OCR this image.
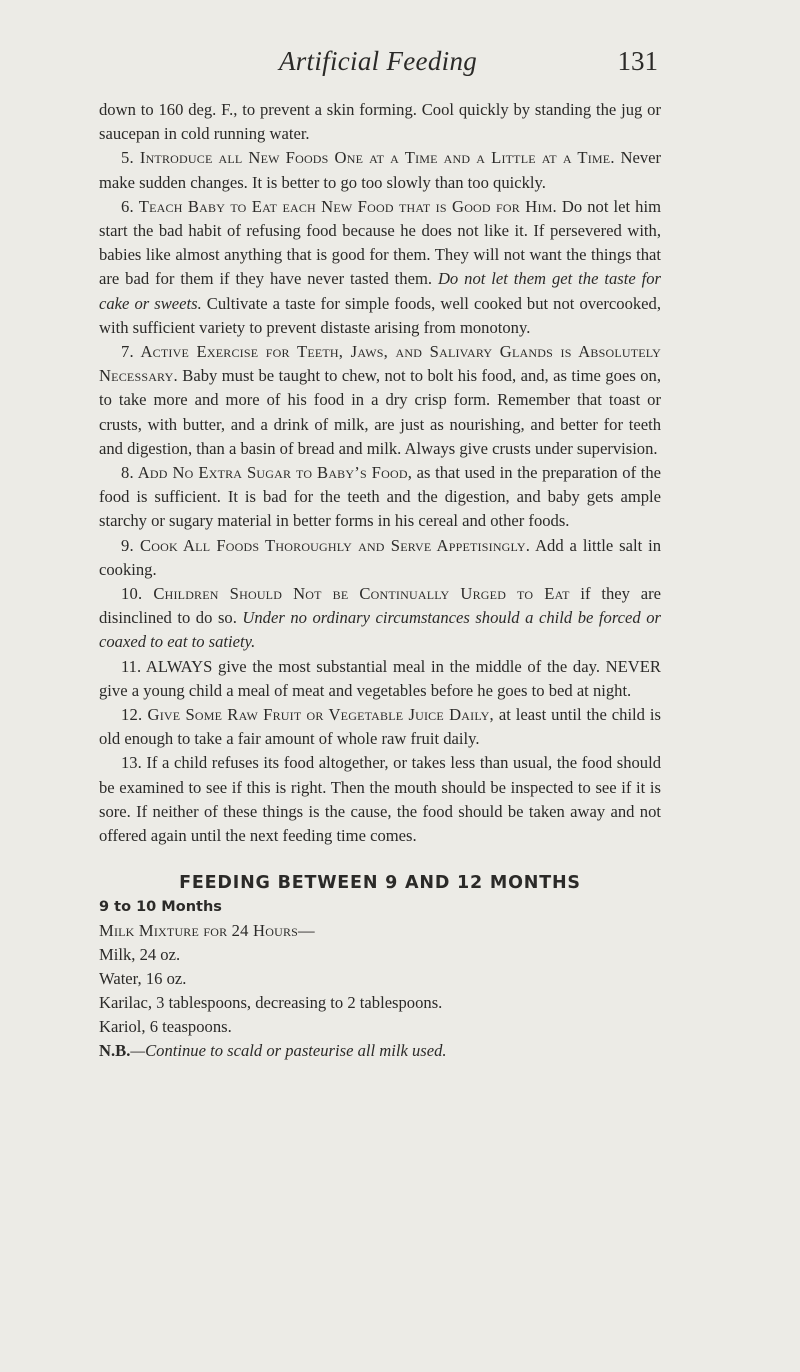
Artificial Feeding	131

down to 160 deg. F., to prevent a skin forming. Cool quickly by standing the jug or saucepan in cold running water.

5. Introduce all New Foods One at a Time and a Little at a Time. Never make sudden changes. It is better to go too slowly than too quickly.

6. Teach Baby to Eat each New Food that is Good for Him. Do not let him start the bad habit of refusing food because he does not like it. If persevered with, babies like almost anything that is good for them. They will not want the things that are bad for them if they have never tasted them. Do not let them get the taste for cake or sweets. Cultivate a taste for simple foods, well cooked but not overcooked, with sufficient variety to prevent distaste arising from monotony.

7. Active Exercise for Teeth, Jaws, and Salivary Glands is Absolutely Necessary. Baby must be taught to chew, not to bolt his food, and, as time goes on, to take more and more of his food in a dry crisp form. Remember that toast or crusts, with butter, and a drink of milk, are just as nourishing, and better for teeth and digestion, than a basin of bread and milk. Always give crusts under supervision.

8. Add No Extra Sugar to Baby’s Food, as that used in the preparation of the food is sufficient. It is bad for the teeth and the digestion, and baby gets ample starchy or sugary material in better forms in his cereal and other foods.

9. Cook All Foods Thoroughly and Serve Appetisingly. Add a little salt in cooking.

10. Children Should Not be Continually Urged to Eat if they are disinclined to do so. Under no ordinary circumstances should a child be forced or coaxed to eat to satiety.

11. ALWAYS give the most substantial meal in the middle of the day. NEVER give a young child a meal of meat and vegetables before he goes to bed at night.

12. Give Some Raw Fruit or Vegetable Juice Daily, at least until the child is old enough to take a fair amount of whole raw fruit daily.

13. If a child refuses its food altogether, or takes less than usual, the food should be examined to see if this is right. Then the mouth should be inspected to see if it is sore. If neither of these things is the cause, the food should be taken away and not offered again until the next feeding time comes.

FEEDING BETWEEN 9 AND 12 MONTHS

9 to 10 Months

Milk Mixture for 24 Hours—

Milk, 24 oz.

Water, 16 oz.

Karilac, 3 tablespoons, decreasing to 2 tablespoons.

Kariol, 6 teaspoons.

N.B.—Continue to scald or pasteurise all milk used.
